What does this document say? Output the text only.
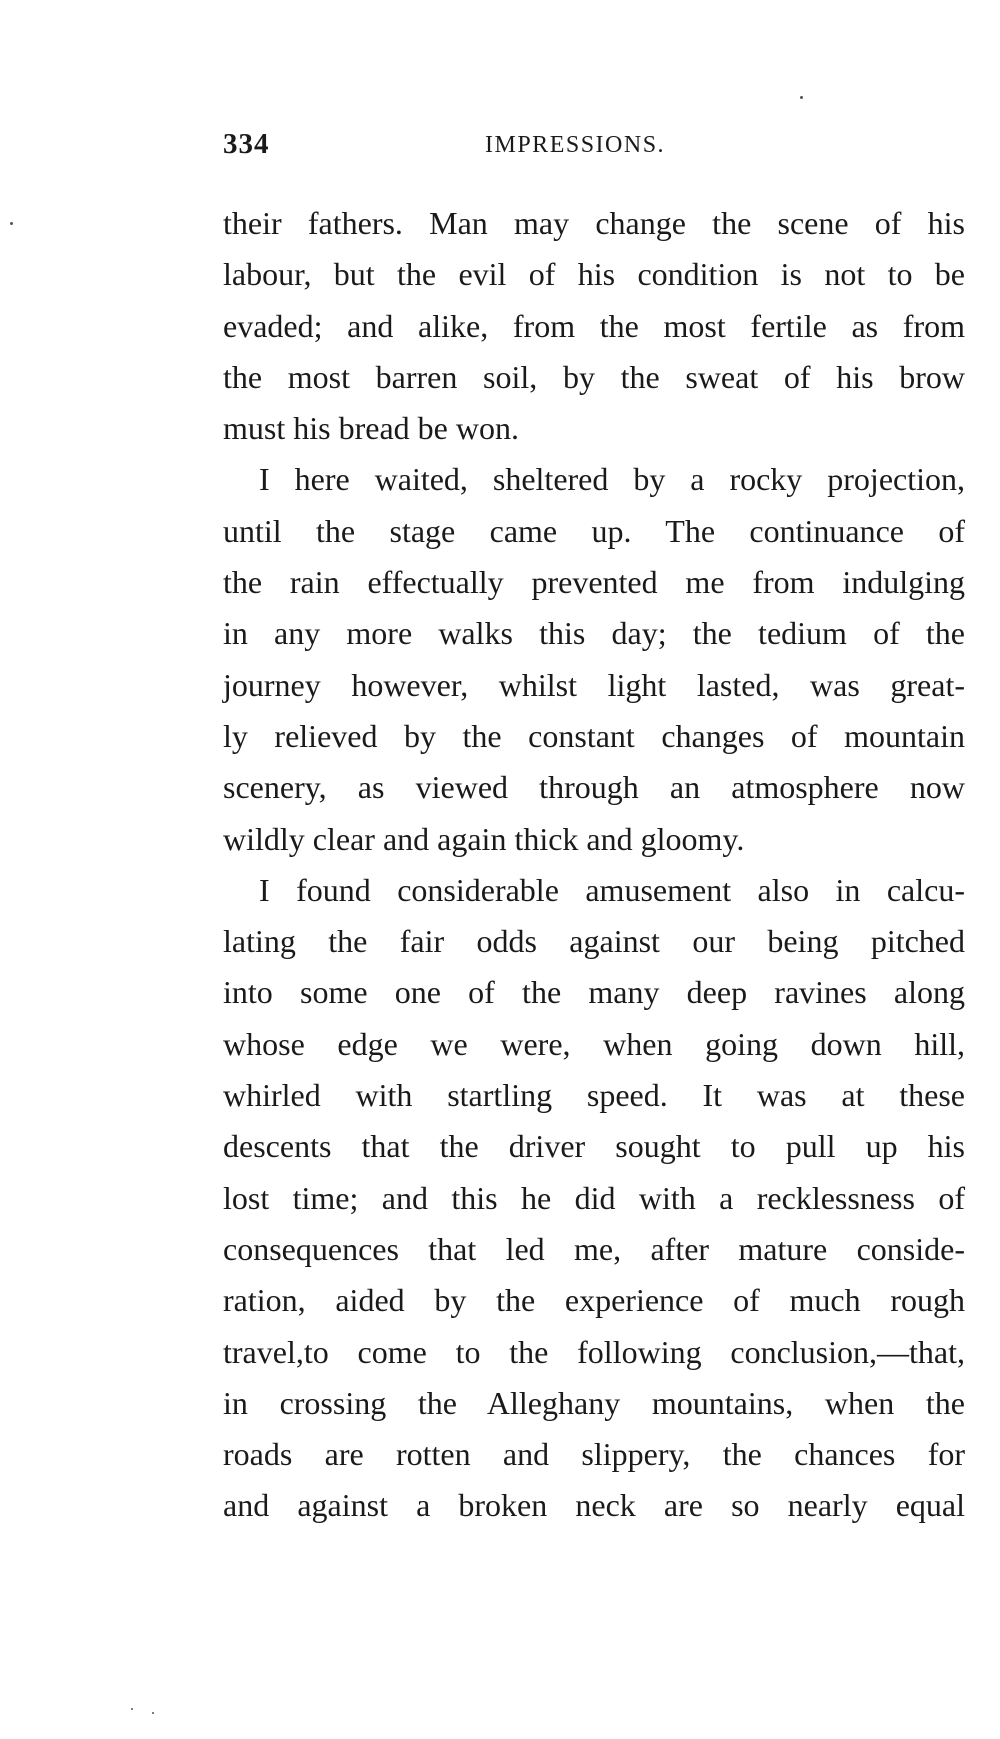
334	IMPRESSIONS.
their fathers. Man may change the scene of his
labour, but the evil of his condition is not to be
evaded; and alike, from the most fertile as from
the most barren soil, by the sweat of his brow
must his bread be won.
I here waited, sheltered by a rocky projection,
until the stage came up. The continuance of
the rain effectually prevented me from indulging
in any more walks this day; the tedium of the
journey however, whilst light lasted, was great-
ly relieved by the constant changes of mountain
scenery, as viewed through an atmosphere now
wildly clear and again thick and gloomy.
I found considerable amusement also in calcu-
lating the fair odds against our being pitched
into some one of the many deep ravines along
whose edge we were, when going down hill,
whirled with startling speed. It was at these
descents that the driver sought to pull up his
lost time; and this he did with a recklessness of
consequences that led me, after mature conside-
ration, aided by the experience of much rough
travel,to come to the following conclusion,—that,
in crossing the Alleghany mountains, when the
roads are rotten and slippery, the chances for
and against a broken neck are so nearly equal
